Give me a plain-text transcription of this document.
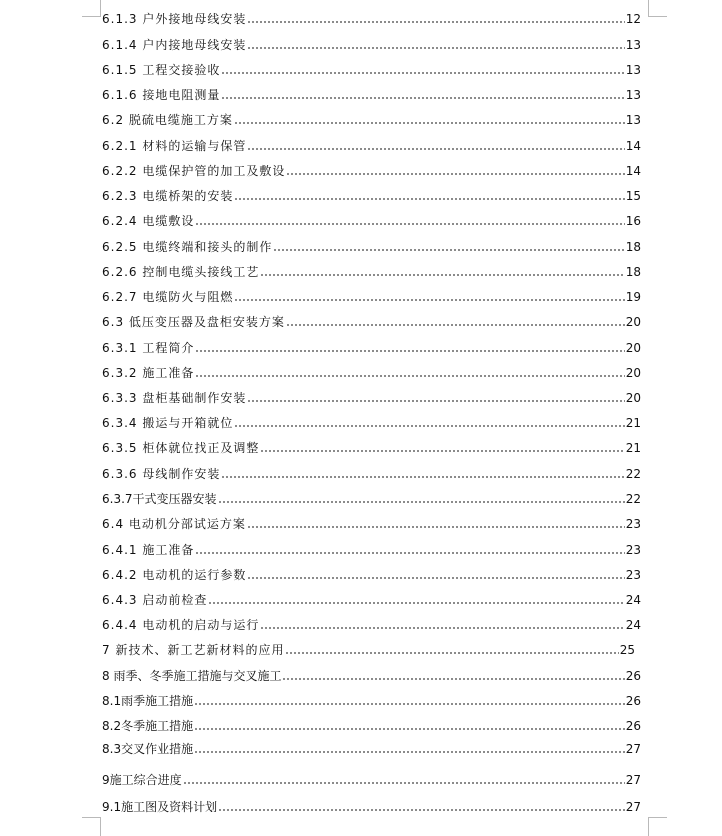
6.1.3 户外接地母线安装	12
6.1.4 户内接地母线安装	13
6.1.5 工程交接验收	13
6.1.6 接地电阻测量	13
6.2 脱硫电缆施工方案	13
6.2.1 材料的运输与保管	14
6.2.2 电缆保护管的加工及敷设	14
6.2.3 电缆桥架的安装	15
6.2.4 电缆敷设	16
6.2.5 电缆终端和接头的制作	18
6.2.6 控制电缆头接线工艺	18
6.2.7 电缆防火与阻燃	19
6.3 低压变压器及盘柜安装方案	20
6.3.1 工程简介	20
6.3.2 施工准备	20
6.3.3 盘柜基础制作安装	20
6.3.4 搬运与开箱就位	21
6.3.5 柜体就位找正及调整	21
6.3.6 母线制作安装	22
6.3.7干式变压器安装	22
6.4 电动机分部试运方案	23
6.4.1 施工准备	23
6.4.2 电动机的运行参数	23
6.4.3 启动前检查	24
6.4.4 电动机的启动与运行	24
7 新技术、新工艺新材料的应用	25
8 雨季、冬季施工措施与交叉施工	26
8.1雨季施工措施	26
8.2冬季施工措施	26
8.3交叉作业措施	27
9施工综合进度	27
9.1施工图及资料计划	27
